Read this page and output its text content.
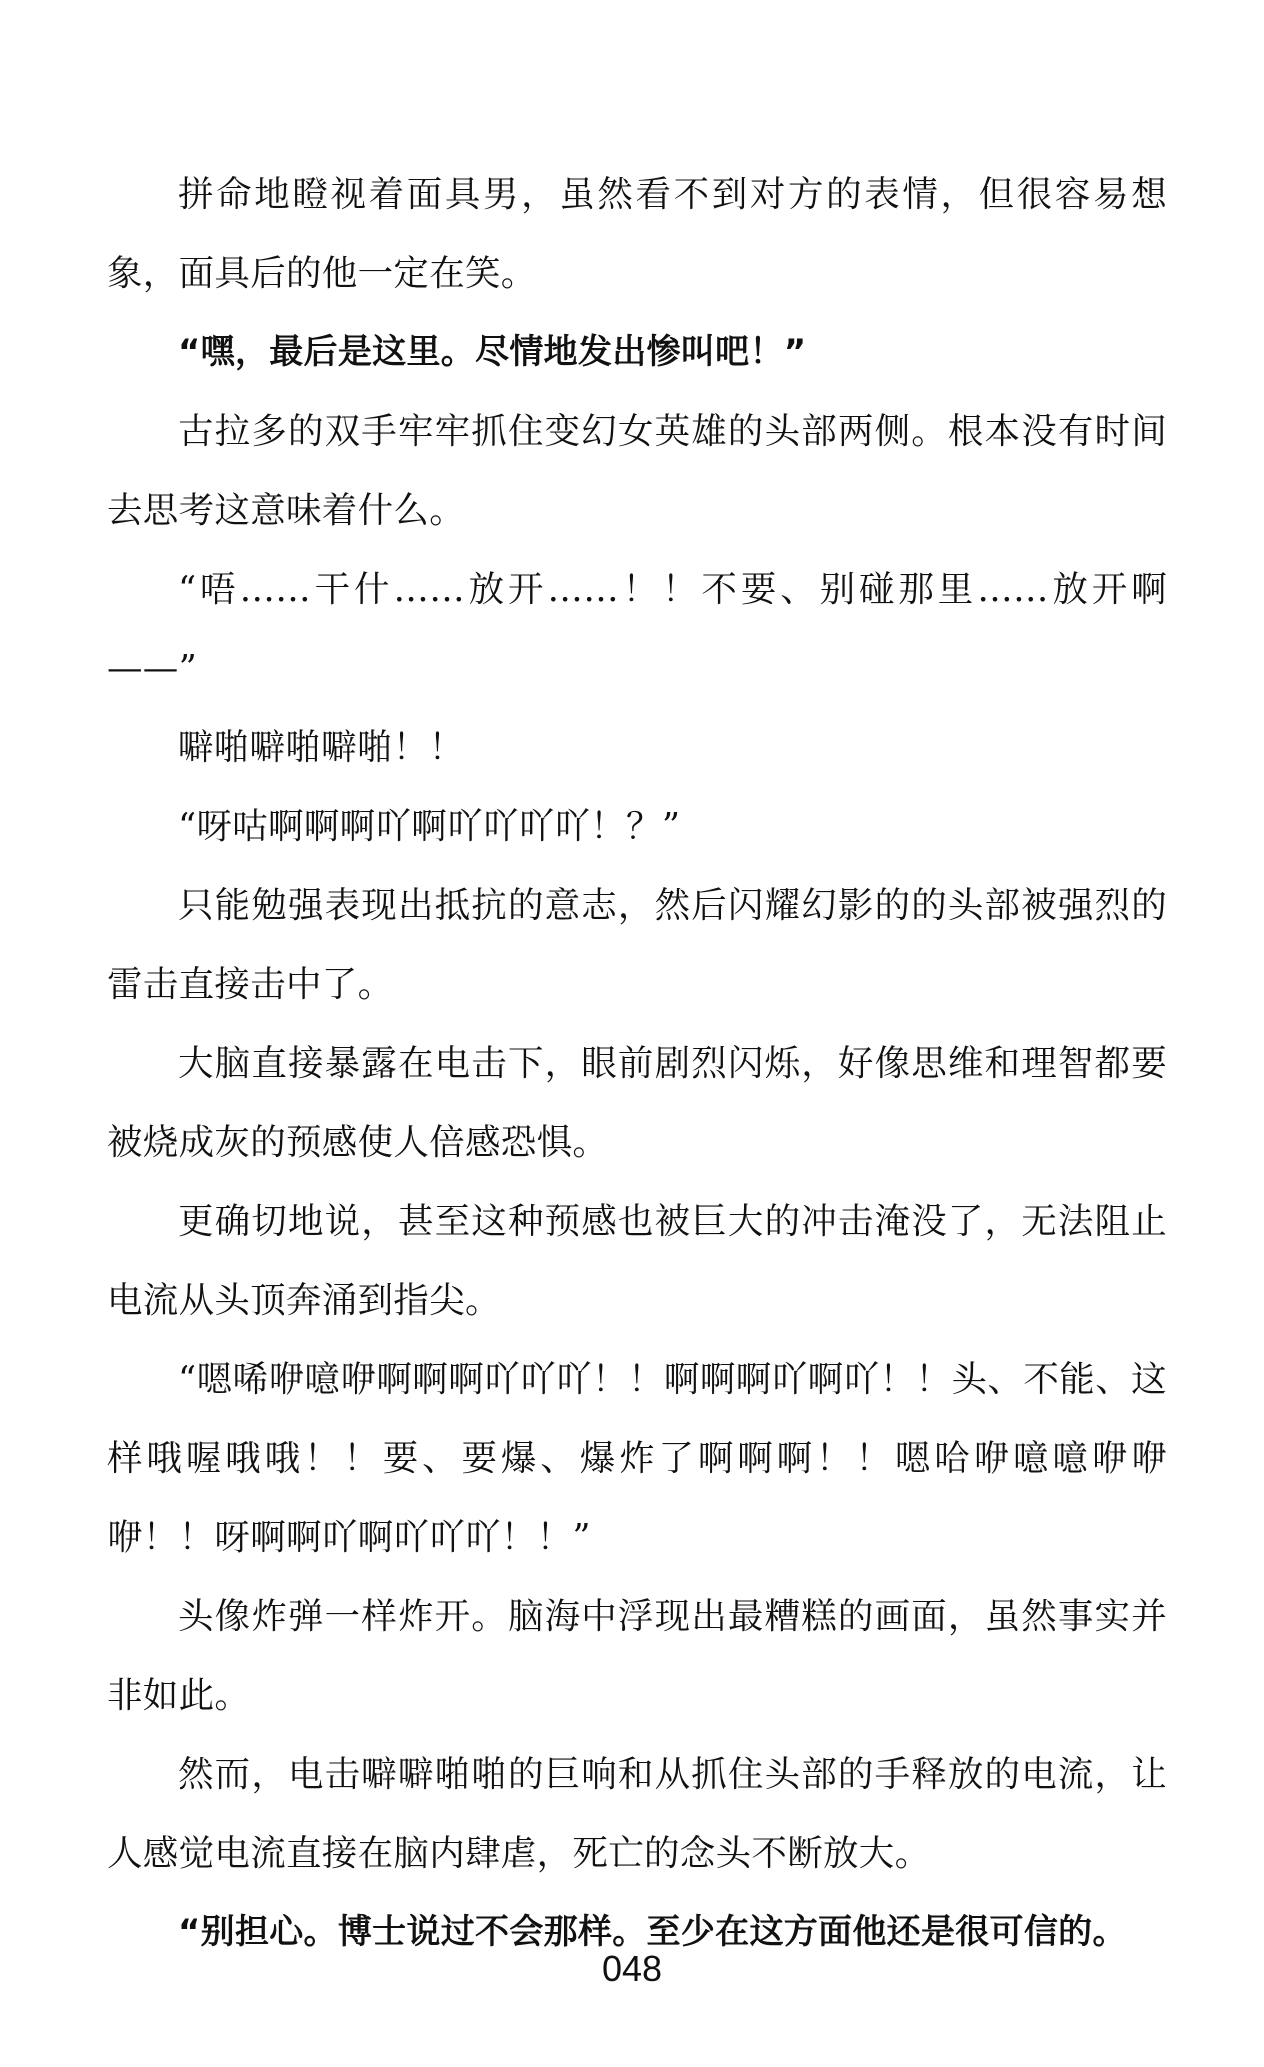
拼命地瞪视着面具男，虽然看不到对方的表情，但很容易想象，面具后的他一定在笑。

“嘿，最后是这里。尽情地发出惨叫吧！”

古拉多的双手牢牢抓住变幻女英雄的头部两侧。根本没有时间去思考这意味着什么。

“唔……干什……放开……！！不要、别碰那里……放开啊——”

噼啪噼啪噼啪！！

“呀咕啊啊啊吖啊吖吖吖吖！？”

只能勉强表现出抵抗的意志，然后闪耀幻影的的头部被强烈的雷击直接击中了。

大脑直接暴露在电击下，眼前剧烈闪烁，好像思维和理智都要被烧成灰的预感使人倍感恐惧。

更确切地说，甚至这种预感也被巨大的冲击淹没了，无法阻止电流从头顶奔涌到指尖。

“嗯唏咿噫咿啊啊啊吖吖吖！！啊啊啊吖啊吖！！头、不能、这样哦喔哦哦！！要、要爆、爆炸了啊啊啊！！嗯哈咿噫噫咿咿咿！！呀啊啊吖啊吖吖吖！！”

头像炸弹一样炸开。脑海中浮现出最糟糕的画面，虽然事实并非如此。

然而，电击噼噼啪啪的巨响和从抓住头部的手释放的电流，让人感觉电流直接在脑内肆虐，死亡的念头不断放大。

“别担心。博士说过不会那样。至少在这方面他还是很可信的。

048
